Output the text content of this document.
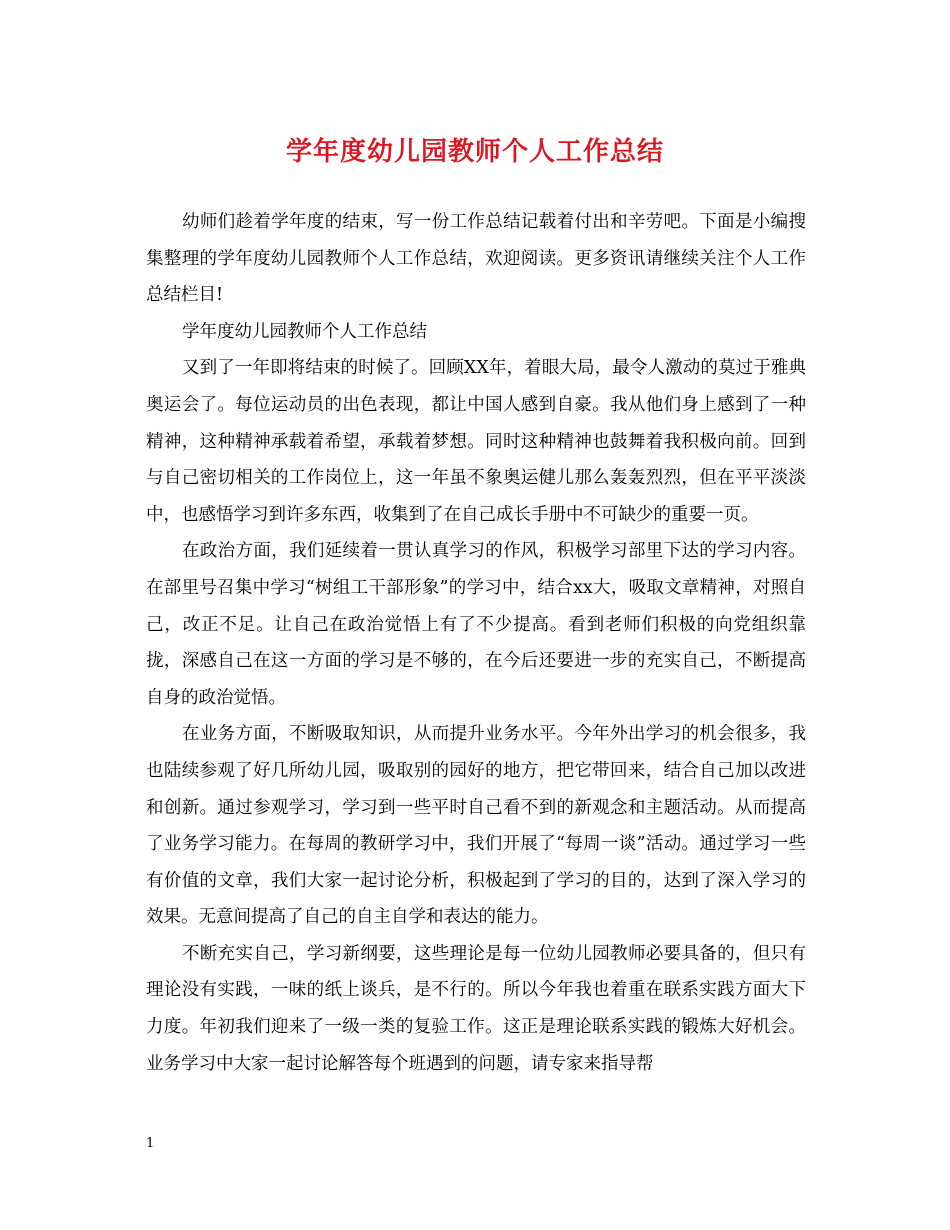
学年度幼儿园教师个人工作总结

幼师们趁着学年度的结束，写一份工作总结记载着付出和辛劳吧。下面是小编搜集整理的学年度幼儿园教师个人工作总结，欢迎阅读。更多资讯请继续关注个人工作总结栏目!

学年度幼儿园教师个人工作总结

又到了一年即将结束的时候了。回顾XX年，着眼大局，最令人激动的莫过于雅典奥运会了。每位运动员的出色表现，都让中国人感到自豪。我从他们身上感到了一种精神，这种精神承载着希望，承载着梦想。同时这种精神也鼓舞着我积极向前。回到与自己密切相关的工作岗位上，这一年虽不象奥运健儿那么轰轰烈烈，但在平平淡淡中，也感悟学习到许多东西，收集到了在自己成长手册中不可缺少的重要一页。

在政治方面，我们延续着一贯认真学习的作风，积极学习部里下达的学习内容。在部里号召集中学习“树组工干部形象”的学习中，结合xx大，吸取文章精神，对照自己，改正不足。让自己在政治觉悟上有了不少提高。看到老师们积极的向党组织靠拢，深感自己在这一方面的学习是不够的，在今后还要进一步的充实自己，不断提高自身的政治觉悟。

在业务方面，不断吸取知识，从而提升业务水平。今年外出学习的机会很多，我也陆续参观了好几所幼儿园，吸取别的园好的地方，把它带回来，结合自己加以改进和创新。通过参观学习，学习到一些平时自己看不到的新观念和主题活动。从而提高了业务学习能力。在每周的教研学习中，我们开展了“每周一谈”活动。通过学习一些有价值的文章，我们大家一起讨论分析，积极起到了学习的目的，达到了深入学习的效果。无意间提高了自己的自主自学和表达的能力。

不断充实自己，学习新纲要，这些理论是每一位幼儿园教师必要具备的，但只有理论没有实践，一味的纸上谈兵，是不行的。所以今年我也着重在联系实践方面大下力度。年初我们迎来了一级一类的复验工作。这正是理论联系实践的锻炼大好机会。业务学习中大家一起讨论解答每个班遇到的问题，请专家来指导帮

1
